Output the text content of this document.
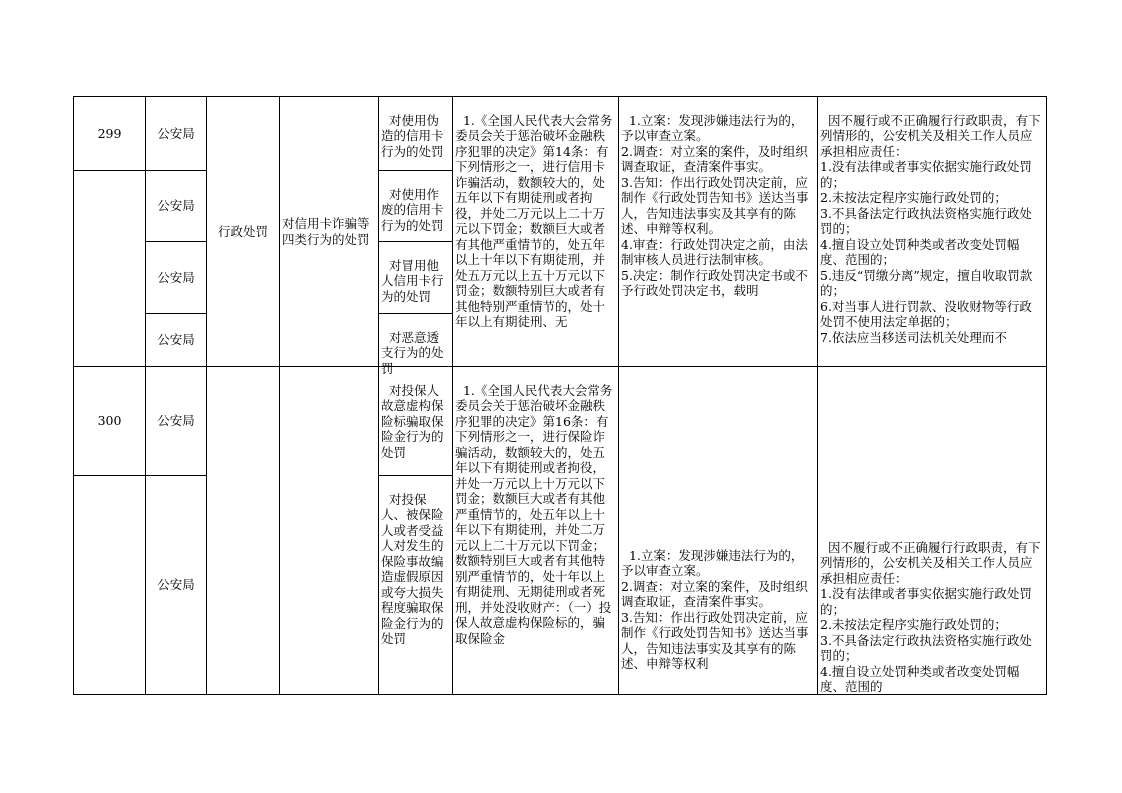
299	公安局
公安局
公安局
公安局
行政处罚
对信用卡诈骗等四类行为的处罚

对使用伪造的信用卡行为的处罚

对使用作废的信用卡行为的处罚

对冒用他人信用卡行为的处罚

对恶意透支行为的处罚

1.《全国人民代表大会常务委员会关于惩治破坏金融秩序犯罪的决定》第14条：有下列情形之一，进行信用卡诈骗活动，数额较大的，处五年以下有期徒刑或者拘役，并处二万元以上二十万元以下罚金；数额巨大或者有其他严重情节的，处五年以上十年以下有期徒刑，并处五万元以上五十万元以下罚金；数额特别巨大或者有其他特别严重情节的，处十年以上有期徒刑、无

1.立案：发现涉嫌违法行为的，予以审查立案。
2.调查：对立案的案件，及时组织调查取证，查清案件事实。
3.告知：作出行政处罚决定前，应制作《行政处罚告知书》送达当事人，告知违法事实及其享有的陈述、申辩等权利。
4.审查：行政处罚决定之前，由法制审核人员进行法制审核。
5.决定：制作行政处罚决定书或不予行政处罚决定书，载明

因不履行或不正确履行行政职责，有下列情形的，公安机关及相关工作人员应承担相应责任：
1.没有法律或者事实依据实施行政处罚的；
2.未按法定程序实施行政处罚的；
3.不具备法定行政执法资格实施行政处罚的；
4.擅自设立处罚种类或者改变处罚幅度、范围的；
5.违反“罚缴分离”规定，擅自收取罚款的；
6.对当事人进行罚款、没收财物等行政处罚不使用法定单据的；
7.依法应当移送司法机关处理而不

300	公安局
公安局

对投保人故意虚构保险标骗取保险金行为的处罚

对投保人、被保险人或者受益人对发生的保险事故编造虚假原因或夸大损失程度骗取保险金行为的处罚

1.《全国人民代表大会常务委员会关于惩治破坏金融秩序犯罪的决定》第16条：有下列情形之一，进行保险诈骗活动，数额较大的，处五年以下有期徒刑或者拘役，并处一万元以上十万元以下罚金；数额巨大或者有其他严重情节的，处五年以上十年以下有期徒刑，并处二万元以上二十万元以下罚金；数额特别巨大或者有其他特别严重情节的，处十年以上有期徒刑、无期徒刑或者死刑，并处没收财产：（一）投保人故意虚构保险标的，骗取保险金

1.立案：发现涉嫌违法行为的，予以审查立案。
2.调查：对立案的案件，及时组织调查取证，查清案件事实。
3.告知：作出行政处罚决定前，应制作《行政处罚告知书》送达当事人，告知违法事实及其享有的陈述、申辩等权利

因不履行或不正确履行行政职责，有下列情形的，公安机关及相关工作人员应承担相应责任：
1.没有法律或者事实依据实施行政处罚的；
2.未按法定程序实施行政处罚的；
3.不具备法定行政执法资格实施行政处罚的；
4.擅自设立处罚种类或者改变处罚幅度、范围的
